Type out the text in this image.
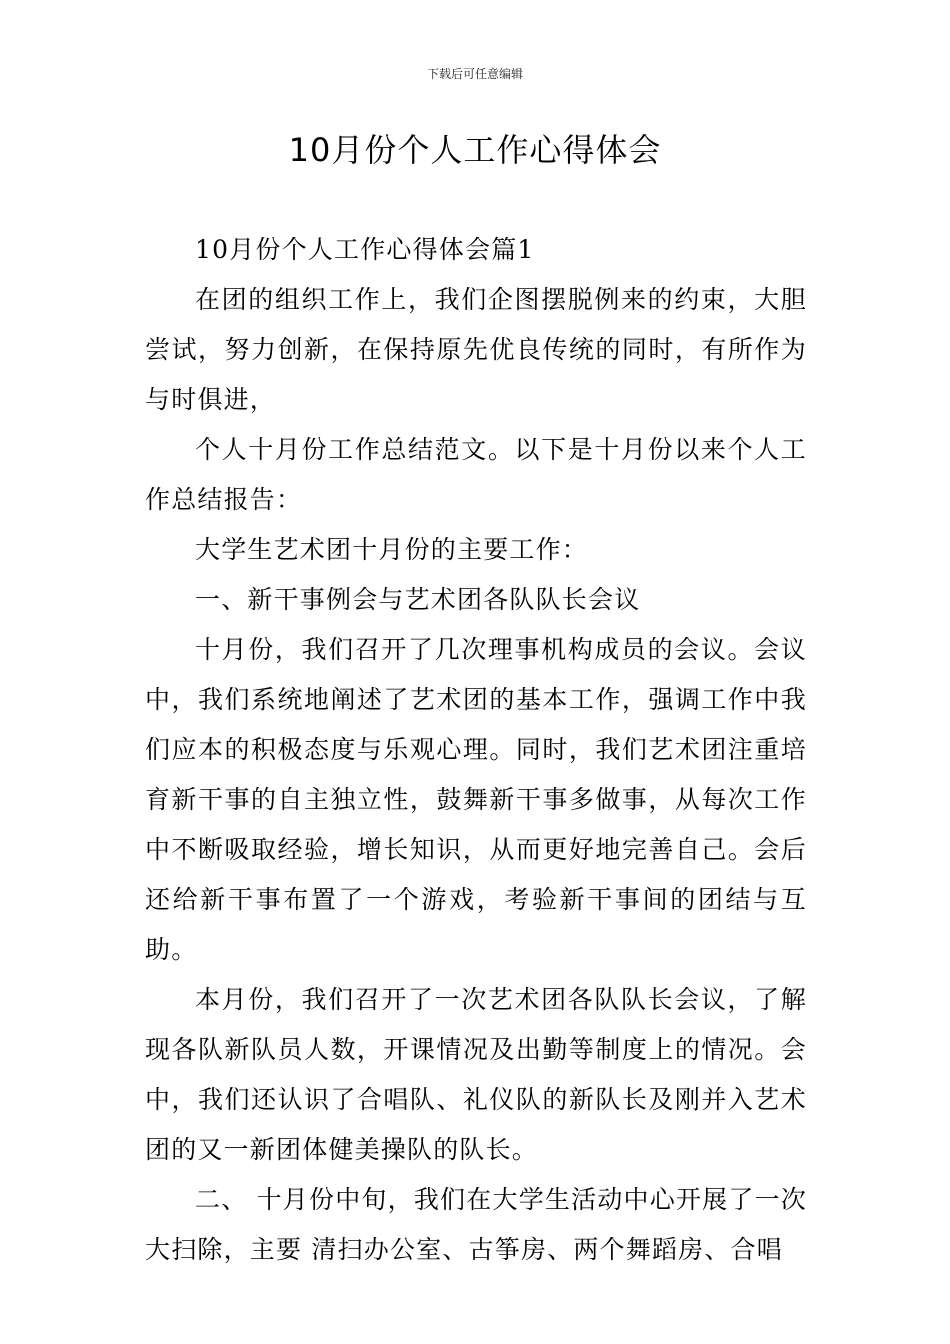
下载后可任意编辑
10月份个人工作心得体会

10月份个人工作心得体会篇1

在团的组织工作上，我们企图摆脱例来的约束，大胆尝试，努力创新，在保持原先优良传统的同时，有所作为与时俱进，

个人十月份工作总结范文。以下是十月份以来个人工作总结报告：

大学生艺术团十月份的主要工作：

一、新干事例会与艺术团各队队长会议

十月份，我们召开了几次理事机构成员的会议。会议中，我们系统地阐述了艺术团的基本工作，强调工作中我们应本的积极态度与乐观心理。同时，我们艺术团注重培育新干事的自主独立性，鼓舞新干事多做事，从每次工作中不断吸取经验，增长知识，从而更好地完善自己。会后还给新干事布置了一个游戏，考验新干事间的团结与互助。

本月份，我们召开了一次艺术团各队队长会议，了解现各队新队员人数，开课情况及出勤等制度上的情况。会中，我们还认识了合唱队、礼仪队的新队长及刚并入艺术团的又一新团体健美操队的队长。

二、 十月份中旬，我们在大学生活动中心开展了一次大扫除，主要 清扫办公室、古筝房、两个舞蹈房、合唱
